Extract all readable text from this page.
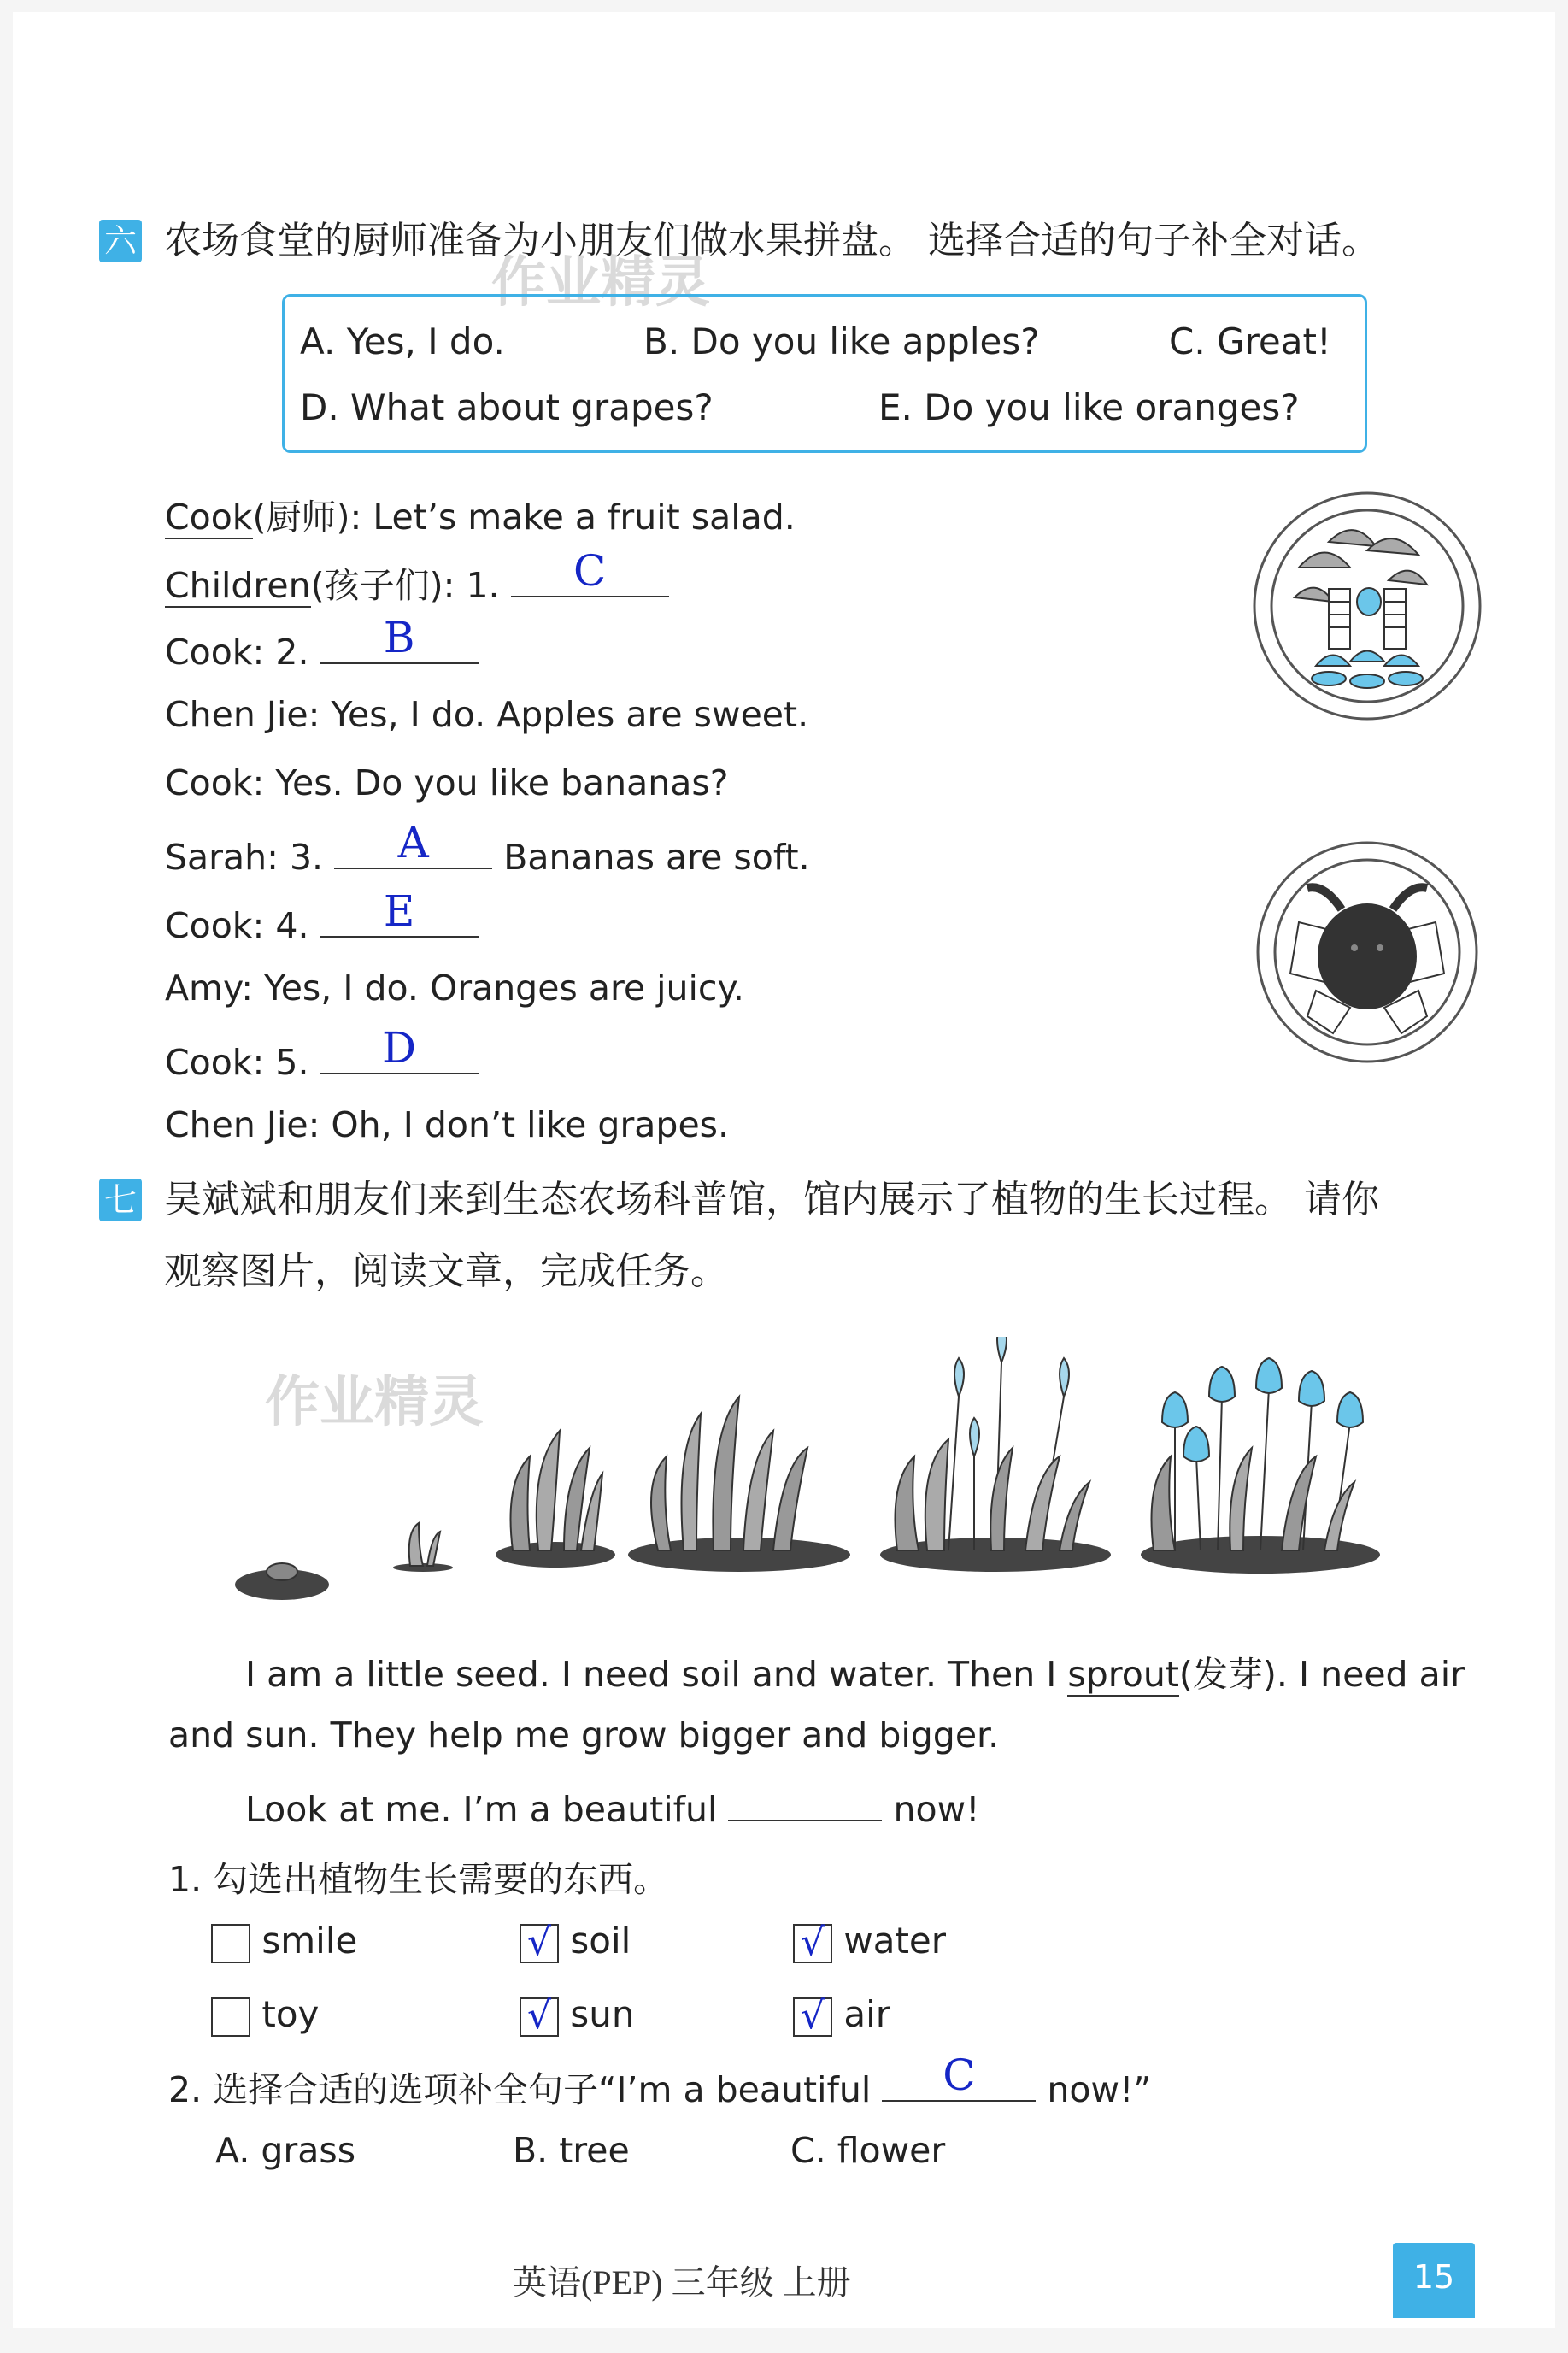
六 农场食堂的厨师准备为小朋友们做水果拼盘。 选择合适的句子补全对话。
作业精灵
A. Yes, I do.	B. Do you like apples?	C. Great!
D. What about grapes?	E. Do you like oranges?
Cook(厨师): Let’s make a fruit salad.
Children(孩子们): 1.	C
Cook: 2.	B
Chen Jie: Yes, I do. Apples are sweet.
Cook: Yes. Do you like bananas?
Sarah: 3.	A	Bananas are soft.
Cook: 4.	E
Amy: Yes, I do. Oranges are juicy.
Cook: 5.	D
Chen Jie: Oh, I don’t like grapes.
七 吴斌斌和朋友们来到生态农场科普馆，馆内展示了植物的生长过程。 请你
观察图片，阅读文章，完成任务。
作业精灵
I am a little seed. I need soil and water. Then I sprout(发芽). I need air
and sun. They help me grow bigger and bigger.
Look at me. I’m a beautiful	now!
1. 勾选出植物生长需要的东西。
smile	√ soil	√ water
toy	√ sun	√ air
2. 选择合适的选项补全句子“I’m a beautiful	C	now!”
A. grass	B. tree	C. flower
英语(PEP) 三年级 上册	15
